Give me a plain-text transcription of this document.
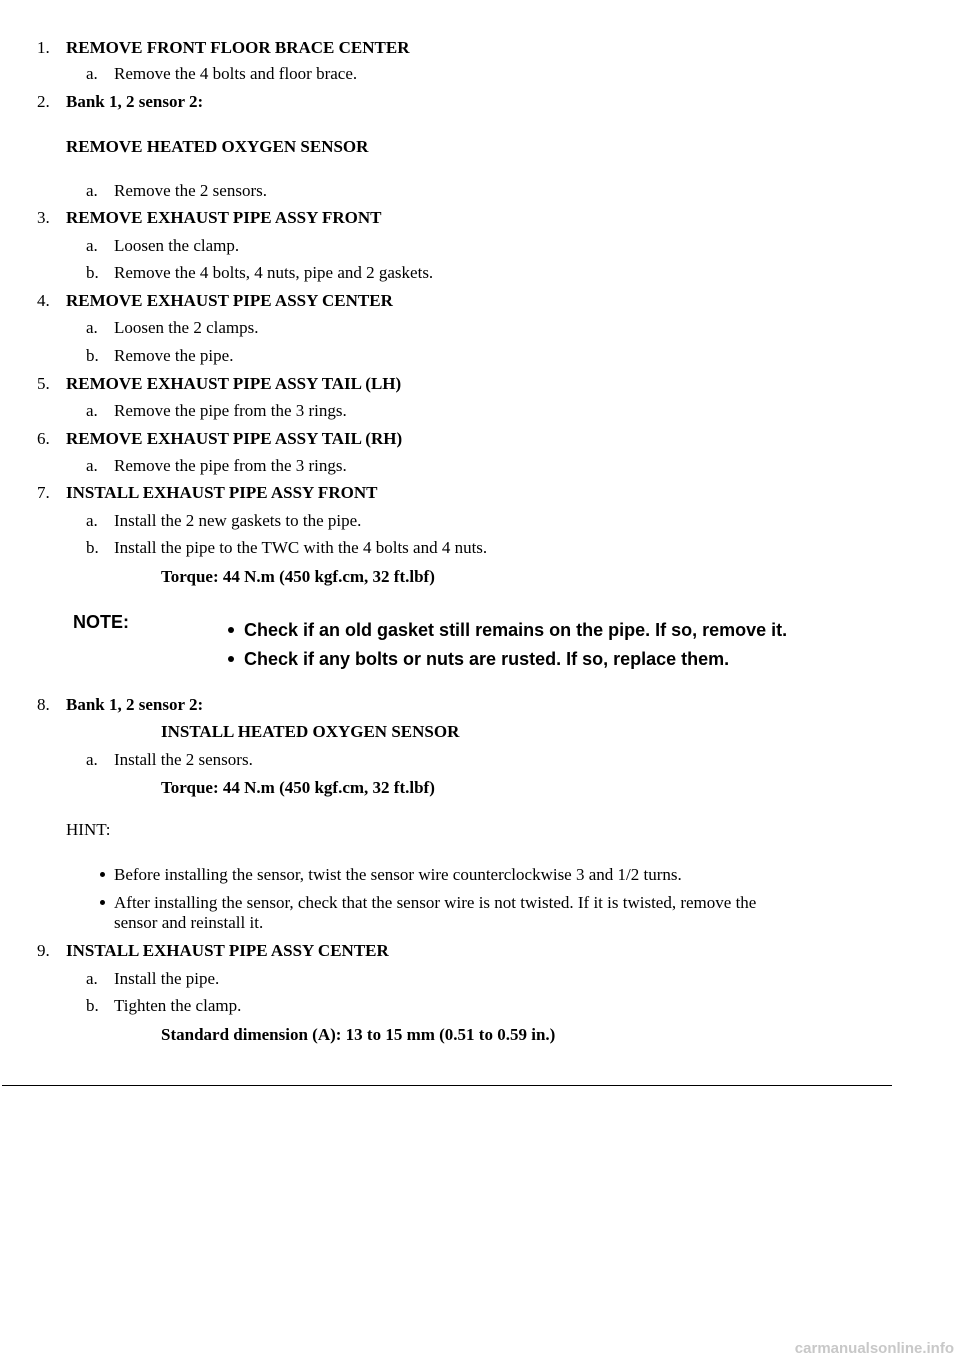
1. REMOVE FRONT FLOOR BRACE CENTER
a. Remove the 4 bolts and floor brace.
2. Bank 1, 2 sensor 2:
REMOVE HEATED OXYGEN SENSOR
a. Remove the 2 sensors.
3. REMOVE EXHAUST PIPE ASSY FRONT
a. Loosen the clamp.
b. Remove the 4 bolts, 4 nuts, pipe and 2 gaskets.
4. REMOVE EXHAUST PIPE ASSY CENTER
a. Loosen the 2 clamps.
b. Remove the pipe.
5. REMOVE EXHAUST PIPE ASSY TAIL (LH)
a. Remove the pipe from the 3 rings.
6. REMOVE EXHAUST PIPE ASSY TAIL (RH)
a. Remove the pipe from the 3 rings.
7. INSTALL EXHAUST PIPE ASSY FRONT
a. Install the 2 new gaskets to the pipe.
b. Install the pipe to the TWC with the 4 bolts and 4 nuts.
Torque: 44 N.m (450 kgf.cm, 32 ft.lbf)
NOTE:	Check if an old gasket still remains on the pipe. If so, remove it.
Check if any bolts or nuts are rusted. If so, replace them.
8. Bank 1, 2 sensor 2:
INSTALL HEATED OXYGEN SENSOR
a. Install the 2 sensors.
Torque: 44 N.m (450 kgf.cm, 32 ft.lbf)
HINT:
Before installing the sensor, twist the sensor wire counterclockwise 3 and 1/2 turns.
After installing the sensor, check that the sensor wire is not twisted. If it is twisted, remove the
sensor and reinstall it.
9. INSTALL EXHAUST PIPE ASSY CENTER
a. Install the pipe.
b. Tighten the clamp.
Standard dimension (A): 13 to 15 mm (0.51 to 0.59 in.)
carmanualsonline.info
